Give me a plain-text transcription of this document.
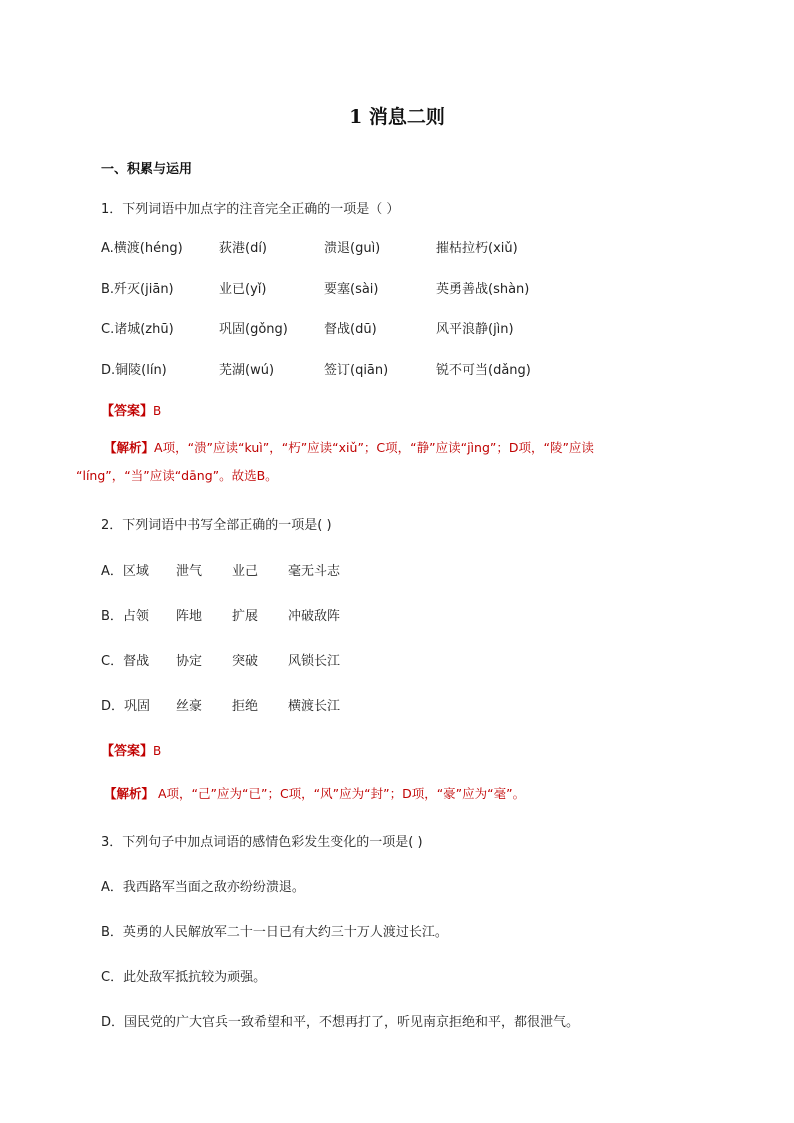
1 消息二则
一、积累与运用
1．下列词语中加点字的注音完全正确的一项是（ ）
A.横渡(héng)	荻港(dí)	溃退(guì)	摧枯拉朽(xiǔ)
B.歼灭(jiān)	业已(yǐ)	要塞(sài)	英勇善战(shàn)
C.诸城(zhū)	巩固(gǒng)	督战(dū)	风平浪静(jìn)
D.铜陵(lín)	芜湖(wú)	签订(qiān)	锐不可当(dǎng)
【答案】B
【解析】A项，“溃”应读“kuì”，“朽”应读“xiǔ”；C项，“静”应读“jìng”；D项，“陵”应读
“líng”，“当”应读“dāng”。故选B。
2．下列词语中书写全部正确的一项是( )
A．区域 泄气 业己 毫无斗志
B．占领 阵地 扩展 冲破敌阵
C．督战 协定 突破 风锁长江
D．巩固 丝豪 拒绝 横渡长江
【答案】B
【解析】 A项，“己”应为“已”；C项，“风”应为“封”；D项，“豪”应为“毫”。
3．下列句子中加点词语的感情色彩发生变化的一项是( )
A．我西路军当面之敌亦纷纷溃退。
B．英勇的人民解放军二十一日已有大约三十万人渡过长江。
C．此处敌军抵抗较为顽强。
D．国民党的广大官兵一致希望和平，不想再打了，听见南京拒绝和平，都很泄气。
